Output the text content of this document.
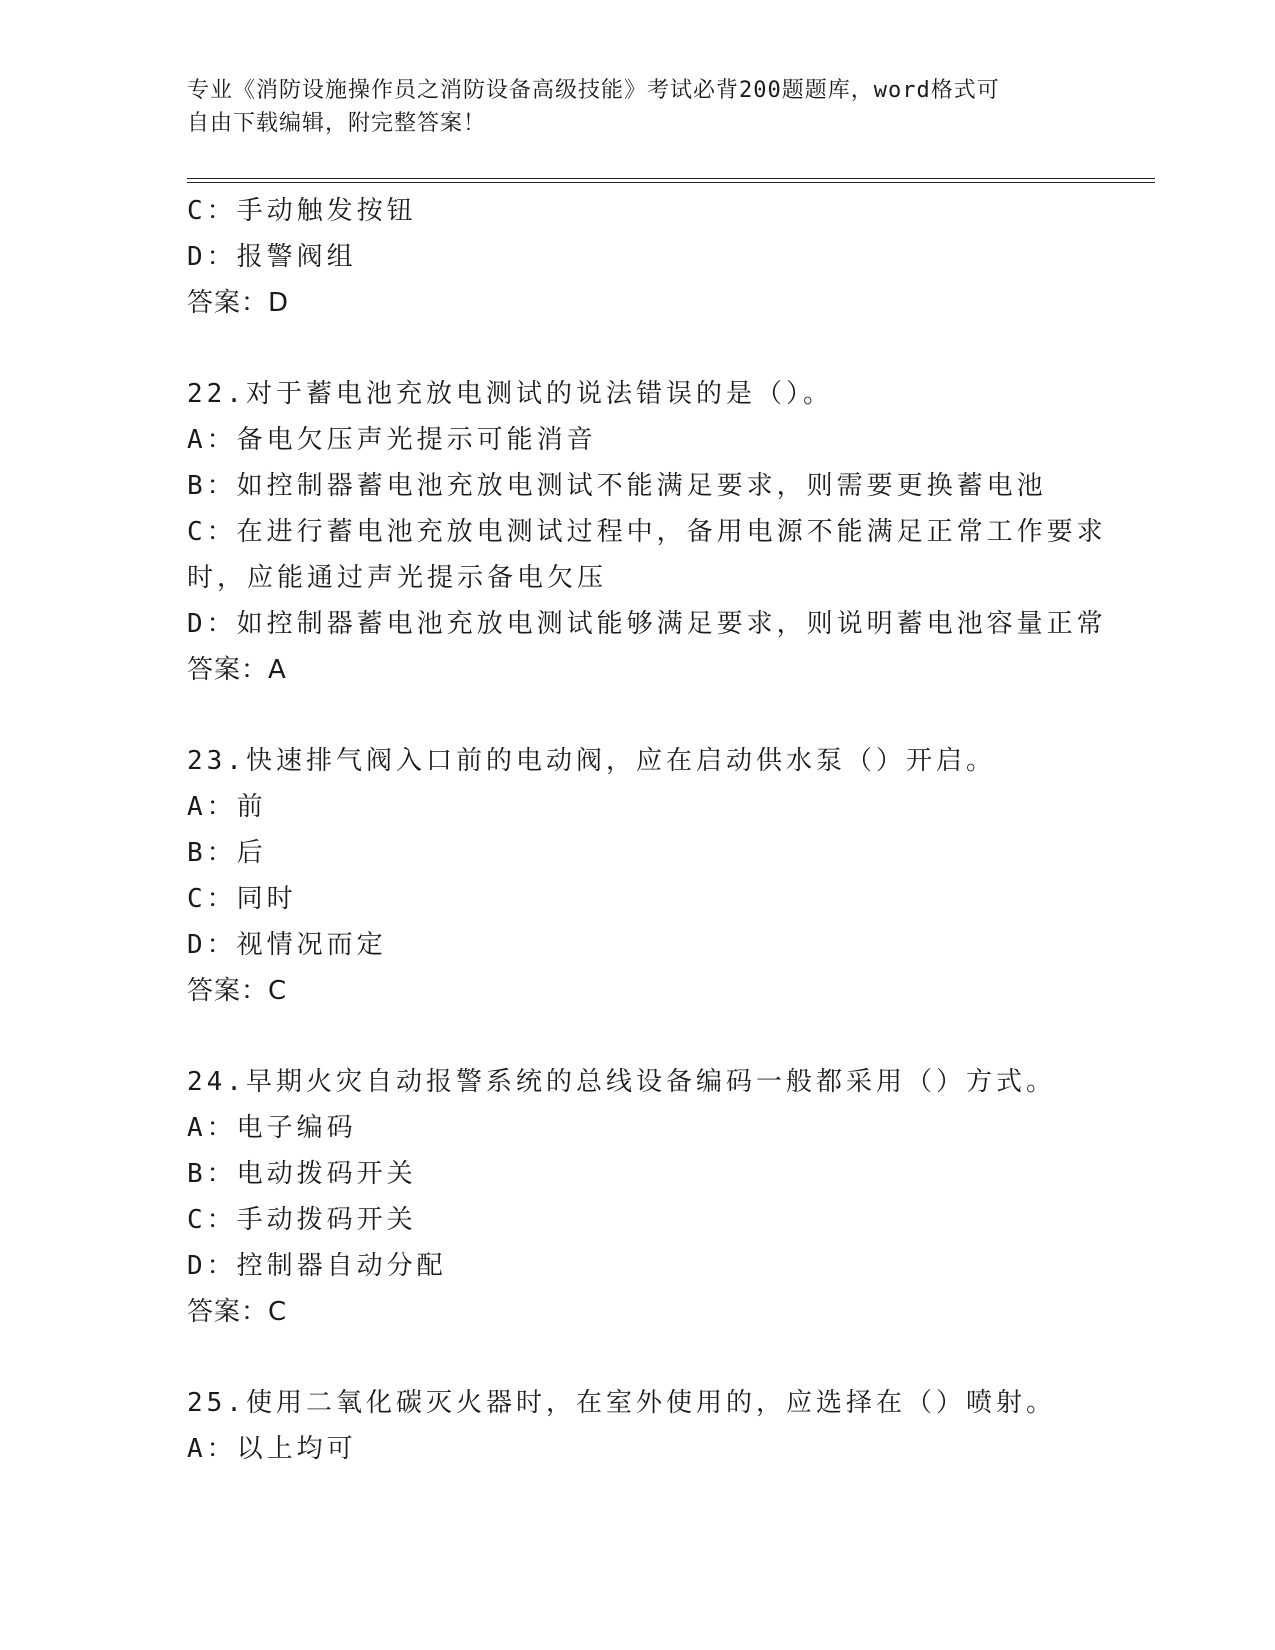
专业《消防设施操作员之消防设备高级技能》考试必背200题题库，word格式可
自由下载编辑，附完整答案！
C：手动触发按钮
D：报警阀组
答案：D
22.对于蓄电池充放电测试的说法错误的是（）。
A：备电欠压声光提示可能消音
B：如控制器蓄电池充放电测试不能满足要求，则需要更换蓄电池
C：在进行蓄电池充放电测试过程中，备用电源不能满足正常工作要求
时，应能通过声光提示备电欠压
D：如控制器蓄电池充放电测试能够满足要求，则说明蓄电池容量正常
答案：A
23.快速排气阀入口前的电动阀，应在启动供水泵（）开启。
A：前
B：后
C：同时
D：视情况而定
答案：C
24.早期火灾自动报警系统的总线设备编码一般都采用（）方式。
A：电子编码
B：电动拨码开关
C：手动拨码开关
D：控制器自动分配
答案：C
25.使用二氧化碳灭火器时，在室外使用的，应选择在（）喷射。
A：以上均可
